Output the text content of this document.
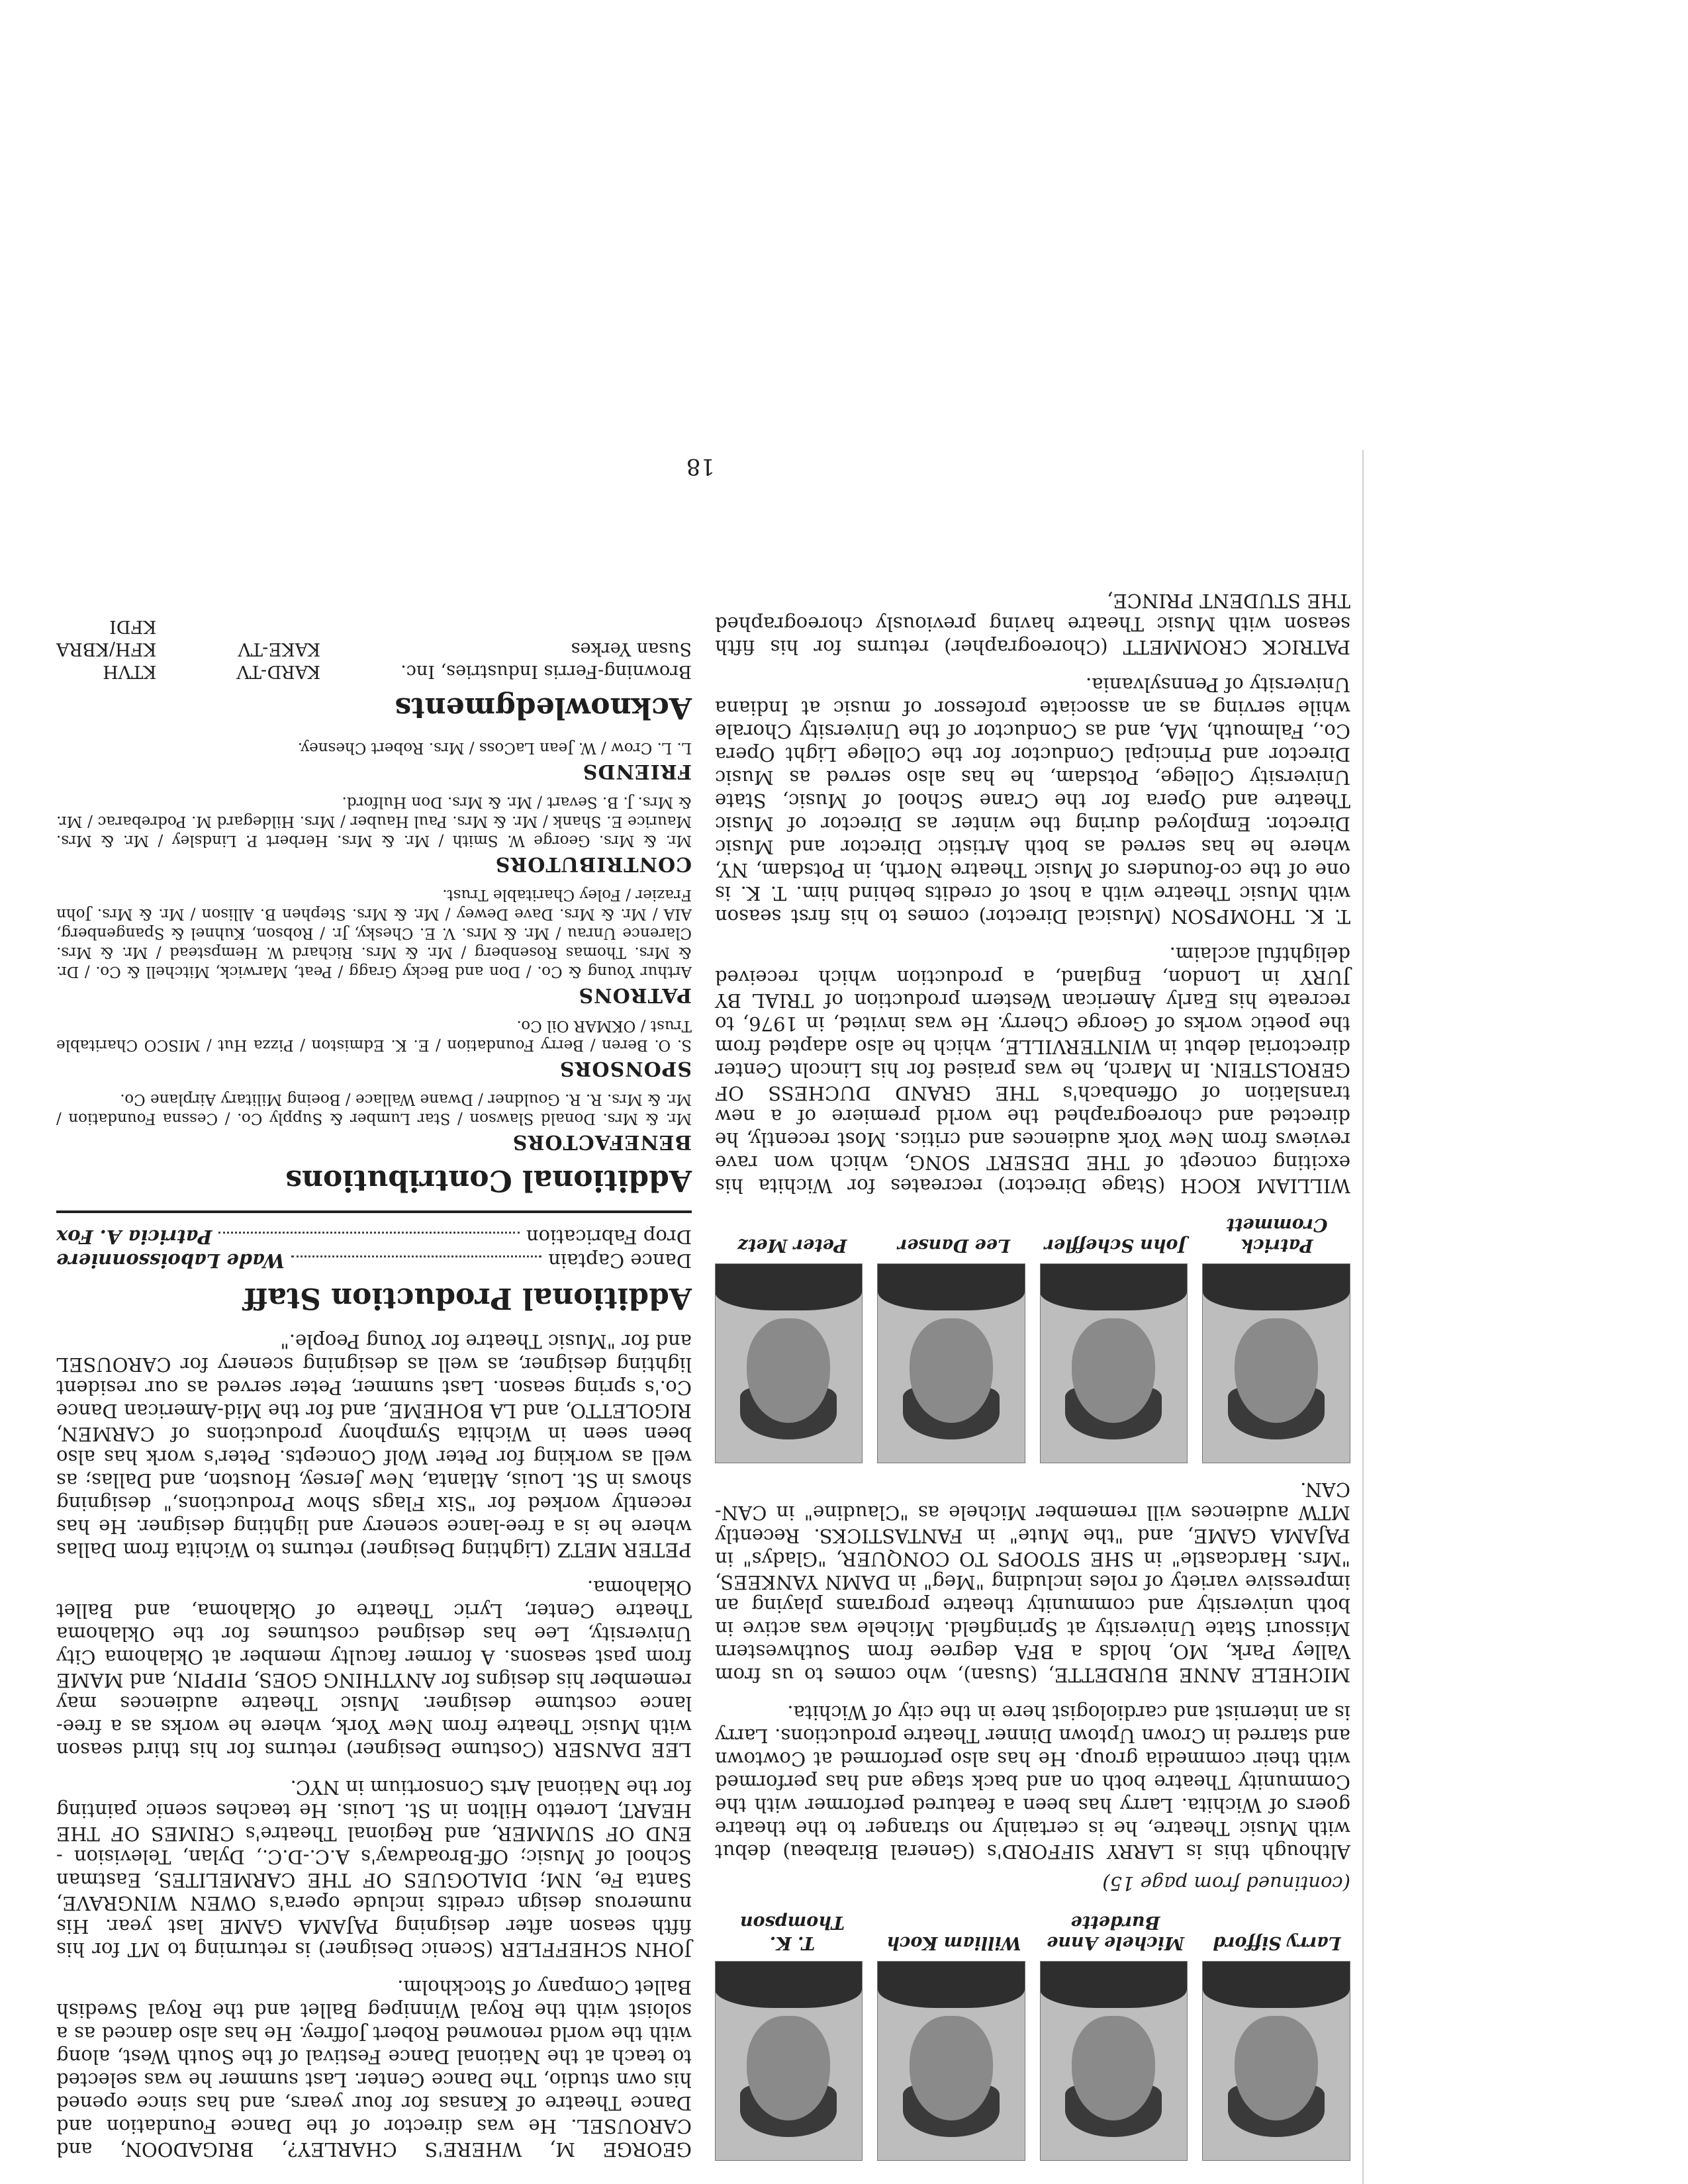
Larry Sifford
Michele Anne Burdette
William Koch
T. K. Thompson

(continued from page 15)

Although this is LARRY SIFFORD's (General Birabeau) debut with Music Theatre, he is certainly no stranger to the theatre goers of Wichita. Larry has been a featured performer with the Community Theatre both on and back stage and has performed with their commedia group. He has also performed at Cowtown and starred in Crown Uptown Dinner Theatre productions. Larry is an internist and cardiologist here in the city of Wichita.

MICHELE ANNE BURDETTE, (Susan), who comes to us from Valley Park, MO, holds a BFA degree from Southwestern Missouri State University at Springfield. Michele was active in both university and community theatre programs playing an impressive variety of roles including "Meg" in DAMN YANKEES, "Mrs. Hardcastle" in SHE STOOPS TO CONQUER, "Gladys" in PAJAMA GAME, and "the Mute" in FANTASTICKS. Recently MTW audiences will remember Michele as "Claudine" in CAN-CAN.

Patrick Crommett
John Scheffler
Lee Danser
Peter Metz

WILLIAM KOCH (Stage Director) recreates for Wichita his exciting concept of THE DESERT SONG, which won rave reviews from New York audiences and critics. Most recently, he directed and choreographed the world premiere of a new translation of Offenbach's THE GRAND DUCHESS OF GEROLSTEIN. In March, he was praised for his Lincoln Center directorial debut in WINTERVILLE, which he also adapted from the poetic works of George Cherry. He was invited, in 1976, to recreate his Early American Western production of TRIAL BY JURY in London, England, a production which received delightful acclaim.

T. K. THOMPSON (Musical Director) comes to his first season with Music Theatre with a host of credits behind him. T. K. is one of the co-founders of Music Theatre North, in Potsdam, NY, where he has served as both Artistic Director and Music Director. Employed during the winter as Director of Music Theatre and Opera for the Crane School of Music, State University College, Potsdam, he has also served as Music Director and Principal Conductor for the College Light Opera Co., Falmouth, MA, and as Conductor of the University Chorale while serving as an associate professor of music at Indiana University of Pennsylvania.

PATRICK CROMMETT (Choreographer) returns for his fifth season with Music Theatre having previously choreographed THE STUDENT PRINCE,

GEORGE M, WHERE'S CHARLEY?, BRIGADOON, and CAROUSEL. He was director of the Dance Foundation and Dance Theatre of Kansas for four years, and has since opened his own studio, The Dance Center. Last summer he was selected to teach at the National Dance Festival of the South West, along with the world renowned Robert Joffrey. He has also danced as a soloist with the Royal Winnipeg Ballet and the Royal Swedish Ballet Company of Stockholm.

JOHN SCHEFFLER (Scenic Designer) is returning to MT for his fifth season after designing PAJAMA GAME last year. His numerous design credits include opera's OWEN WINGRAVE, Santa Fe, NM; DIALOGUES OF THE CARMELITES, Eastman School of Music; Off-Broadway's A.C.-D.C., Dylan, Television - END OF SUMMER, and Regional Theatre's CRIMES OF THE HEART, Loretto Hilton in St. Louis. He teaches scenic painting for the National Arts Consortium in NYC.

LEE DANSER (Costume Designer) returns for his third season with Music Theatre from New York, where he works as a free-lance costume designer. Music Theatre audiences may remember his designs for ANYTHING GOES, PIPPIN, and MAME from past seasons. A former faculty member at Oklahoma City University, Lee has designed costumes for the Oklahoma Theatre Center, Lyric Theatre of Oklahoma, and Ballet Oklahoma.

PETER METZ (Lighting Designer) returns to Wichita from Dallas where he is a free-lance scenery and lighting designer. He has recently worked for "Six Flags Show Productions," designing shows in St. Louis, Atlanta, New Jersey, Houston, and Dallas; as well as working for Peter Wolf Concepts. Peter's work has also been seen in Wichita Symphony productions of CARMEN, RIGOLETTO, and LA BOHEME, and for the Mid-American Dance Co.'s spring season. Last summer, Peter served as our resident lighting designer, as well as designing scenery for CAROUSEL and for "Music Theatre for Young People."

Additional Production Staff
Dance Captain
Wade Laboissonniere
Drop Fabrication
Patricia A. Fox
Additional Contributions
BENEFACTORS

Mr. & Mrs. Donald Slawson / Star Lumber & Supply Co. / Cessna Foundation / Mr. & Mrs. R. R. Gouldner / Dwane Wallace / Boeing Military Airplane Co.

SPONSORS

S. O. Beren / Berry Foundation / E. K. Edmiston / Pizza Hut / MISCO Charitable Trust / OKMAR Oil Co.

PATRONS

Arthur Young & Co. / Don and Becky Gragg / Peat, Marwick, Mitchell & Co. / Dr. & Mrs. Thomas Rosenberg / Mr. & Mrs. Richard W. Hempstead / Mr. & Mrs. Clarence Unrau / Mr. & Mrs. V. E. Chesky, Jr. / Robson, Kuhnel & Spangenberg, AIA / Mr. & Mrs. Dave Dewey / Mr. & Mrs. Stephen B. Allison / Mr. & Mrs. John Frazier / Foley Charitable Trust.

CONTRIBUTORS

Mr. & Mrs. George W. Smith / Mr. & Mrs. Herbert P. Lindsley / Mr. & Mrs. Maurice E. Shank / Mr. & Mrs. Paul Hauber / Mrs. Hildegard M. Podrebarac / Mr. & Mrs. J. B. Sevart / Mr. & Mrs. Don Hulford.

FRIENDS

L. L. Crow / W. Jean LaCoss / Mrs. Robert Chesney.

Acknowledgments
Browning-Ferris Industries, Inc.
Susan Yerkes
KARD-TV
KAKE-TV
KTVH
KFH/KBRA
KFDI
18
